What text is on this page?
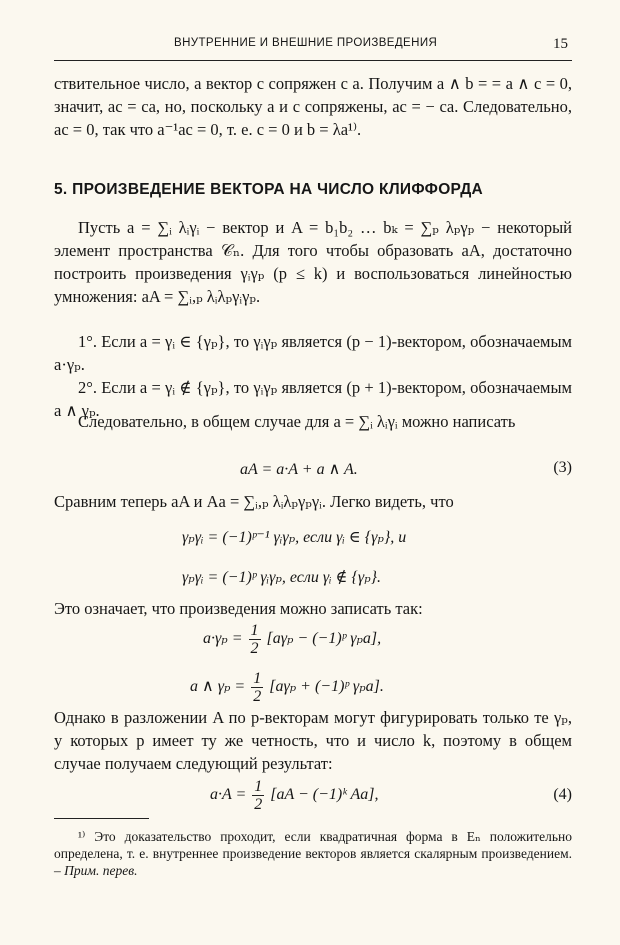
ВНУТРЕННИЕ И ВНЕШНИЕ ПРОИЗВЕДЕНИЯ	15

ствительное число, а вектор c сопряжен с a. Получим a ∧ b = = a ∧ c = 0, значит, ac = ca, но, поскольку a и c сопряжены, ac = − ca. Следовательно, ac = 0, так что a⁻¹ac = 0, т. е. c = 0 и b = λa¹⁾.

5. ПРОИЗВЕДЕНИЕ ВЕКТОРА НА ЧИСЛО КЛИФФОРДА

Пусть a = ∑ᵢ λᵢγᵢ − вектор и A = b₁b₂ … bₖ = ∑ₚ λₚγₚ − некоторый элемент пространства 𝒞ₙ. Для того чтобы образовать aA, достаточно построить произведения γᵢγₚ (p ≤ k) и воспользоваться линейностью умножения: aA = ∑ᵢ,ₚ λᵢλₚγᵢγₚ.

1°. Если a = γᵢ ∈ {γₚ}, то γᵢγₚ является (p − 1)-вектором, обозначаемым a·γₚ.

2°. Если a = γᵢ ∉ {γₚ}, то γᵢγₚ является (p + 1)-вектором, обозначаемым a ∧ γₚ.

Следовательно, в общем случае для a = ∑ᵢ λᵢγᵢ можно написать

aA = a·A + a ∧ A.	(3)

Сравним теперь aA и Aa = ∑ᵢ,ₚ λᵢλₚγₚγᵢ. Легко видеть, что

γₚγᵢ = (−1)ᵖ⁻¹ γᵢγₚ, если γᵢ ∈ {γₚ}, и
γₚγᵢ = (−1)ᵖ γᵢγₚ, если γᵢ ∉ {γₚ}.

Это означает, что произведения можно записать так:

$a\cdot\gamma_p = \frac{1}{2} [a\gamma_p$ − (−1)ᵖ γₚa],
a ∧ $\gamma_p = \frac{1}{2} [a\gamma_p$ + (−1)ᵖ γₚa].

Однако в разложении A по p-векторам могут фигурировать только те γₚ, у которых p имеет ту же четность, что и число k, поэтому в общем случае получаем следующий результат:

$a\cdot A = \frac{1}{2} [aA$ − (−1)ᵏ Aa],	(4)

¹⁾ Это доказательство проходит, если квадратичная форма в Eₙ положительно определена, т. е. внутреннее произведение векторов является скалярным произведением. – Прим. перев.
